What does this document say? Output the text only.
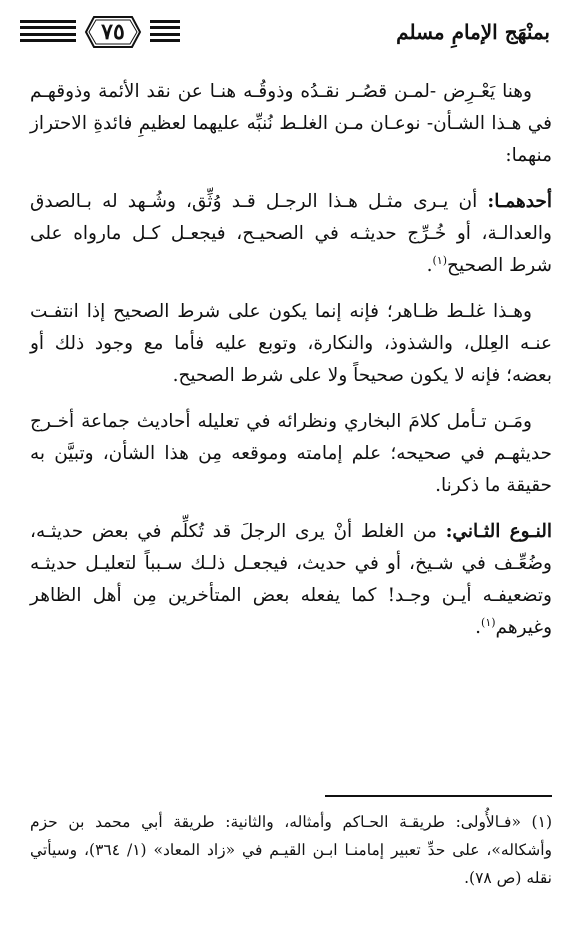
بمنْهَج الإمامِ مسلم
٧٥

وهنا يَعْـرِض -لمـن قصُـر نقـدُه وذوقُـه هنـا عن نقد الأئمة وذوقهـم في هـذا الشـأن- نوعـان مـن الغلـط نُنبِّه عليهما لعظيمِ فائدةِ الاحتراز منهما:

أحدهمـا: أن يـرى مثـل هـذا الرجـل قـد وُثِّق، وشُـهد له بـالصدق والعدالـة، أو خُـرِّج حديثـه في الصحيـح، فيجعـل كـل مارواه على شرط الصحيح$^{(١)}$.

وهـذا غلـط ظـاهر؛ فإنه إنما يكون على شرط الصحيح إذا انتفـت عنـه العِلل، والشذوذ، والنكارة، وتوبع عليه فأما مع وجود ذلك أو بعضه؛ فإنه لا يكون صحيحاً ولا على شرط الصحيح.

ومَـن تـأمل كلامَ البخاري ونظرائه في تعليله أحاديث جماعة أخـرج حديثهـم في صحيحه؛ علم إمامته وموقعه مِن هذا الشأن، وتبيَّن به حقيقة ما ذكرنا.

النـوع الثـاني: من الغلط أنْ يرى الرجلَ قد تُكلِّم في بعض حديثـه، وضُعِّـف في شـيخ، أو في حديث، فيجعـل ذلـك سـبباً لتعليـل حديثـه وتضعيفـه أيـن وجـد! كما يفعله بعض المتأخرين مِن أهل الظاهر وغيرهم$^{(١)}$.

(١) «فـالأُولى: طريقـة الحـاكم وأمثاله، والثانية: طريقة أبي محمد بن حزم وأشكاله»، على حدِّ تعبير إمامنـا ابـن القيـم في «زاد المعاد» (١/ ٣٦٤)، وسيأتي نقله (ص ٧٨).
